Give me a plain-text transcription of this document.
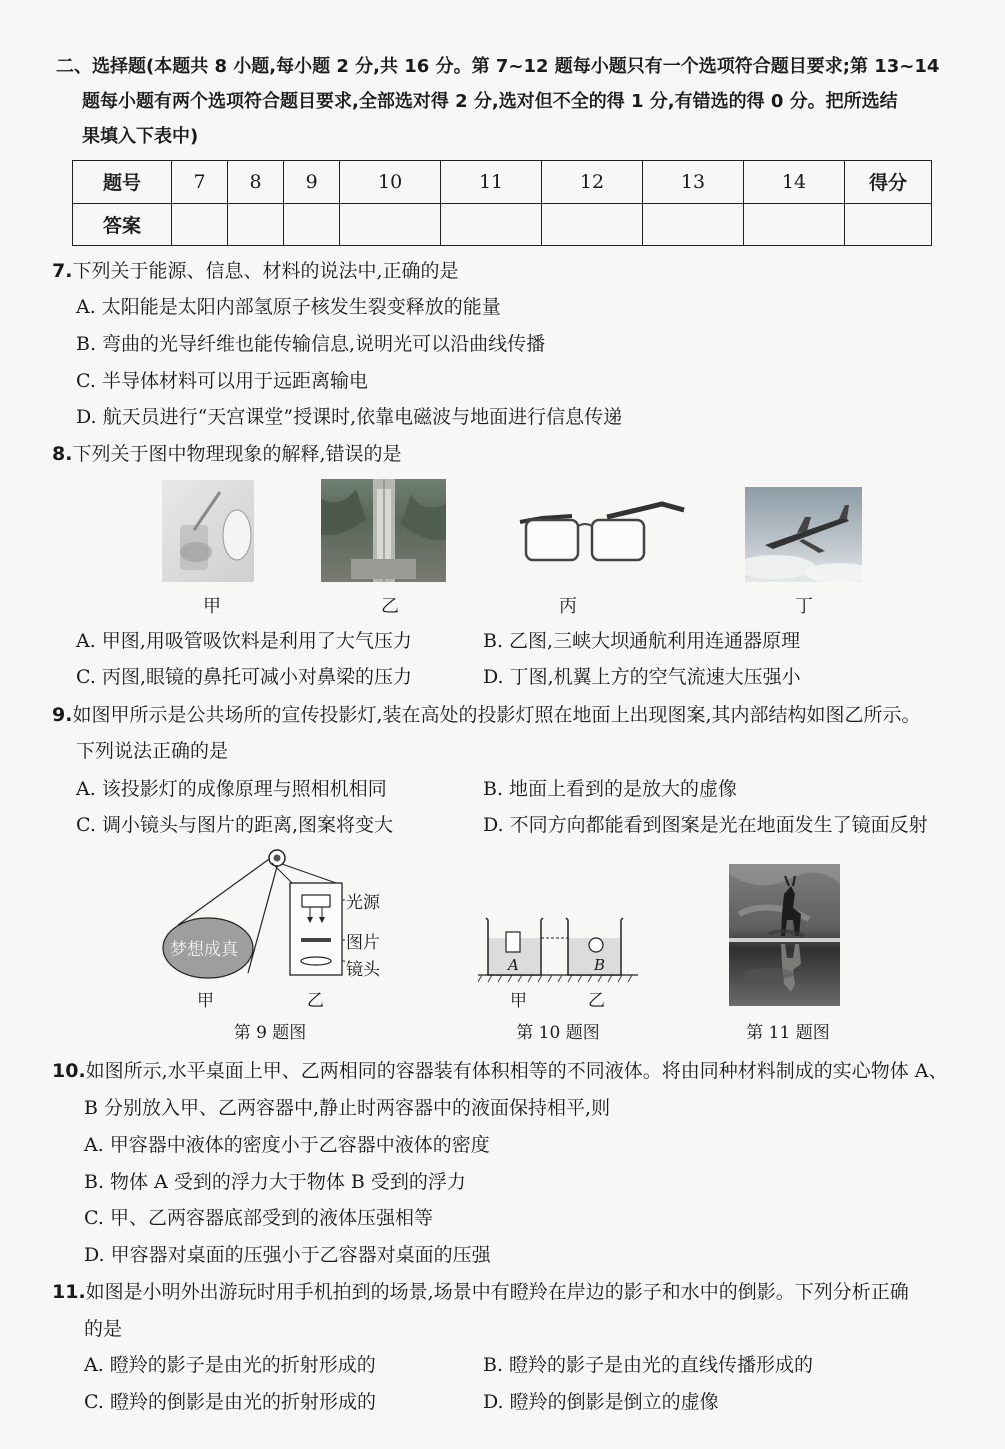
二、选择题(本题共 8 小题,每小题 2 分,共 16 分。第 7~12 题每小题只有一个选项符合题目要求;第 13~14
题每小题有两个选项符合题目要求,全部选对得 2 分,选对但不全的得 1 分,有错选的得 0 分。把所选结
果填入下表中)
题号	7	8	9	10	11	12	13	14	得分
答案									
7.下列关于能源、信息、材料的说法中,正确的是
A. 太阳能是太阳内部氢原子核发生裂变释放的能量
B. 弯曲的光导纤维也能传输信息,说明光可以沿曲线传播
C. 半导体材料可以用于远距离输电
D. 航天员进行“天宫课堂”授课时,依靠电磁波与地面进行信息传递
8.下列关于图中物理现象的解释,错误的是
甲	乙	丙	丁
A. 甲图,用吸管吸饮料是利用了大气压力	B. 乙图,三峡大坝通航利用连通器原理
C. 丙图,眼镜的鼻托可减小对鼻梁的压力	D. 丁图,机翼上方的空气流速大压强小
9.如图甲所示是公共场所的宣传投影灯,装在高处的投影灯照在地面上出现图案,其内部结构如图乙所示。
下列说法正确的是
A. 该投影灯的成像原理与照相机相同	B. 地面上看到的是放大的虚像
C. 调小镜头与图片的距离,图案将变大	D. 不同方向都能看到图案是光在地面发生了镜面反射
梦想成真
光源
图片
镜头
甲	乙
第 9 题图
A	B
甲	乙
第 10 题图	第 11 题图
10.如图所示,水平桌面上甲、乙两相同的容器装有体积相等的不同液体。将由同种材料制成的实心物体 A、
B 分别放入甲、乙两容器中,静止时两容器中的液面保持相平,则
A. 甲容器中液体的密度小于乙容器中液体的密度
B. 物体 A 受到的浮力大于物体 B 受到的浮力
C. 甲、乙两容器底部受到的液体压强相等
D. 甲容器对桌面的压强小于乙容器对桌面的压强
11.如图是小明外出游玩时用手机拍到的场景,场景中有瞪羚在岸边的影子和水中的倒影。下列分析正确
的是
A. 瞪羚的影子是由光的折射形成的	B. 瞪羚的影子是由光的直线传播形成的
C. 瞪羚的倒影是由光的折射形成的	D. 瞪羚的倒影是倒立的虚像
